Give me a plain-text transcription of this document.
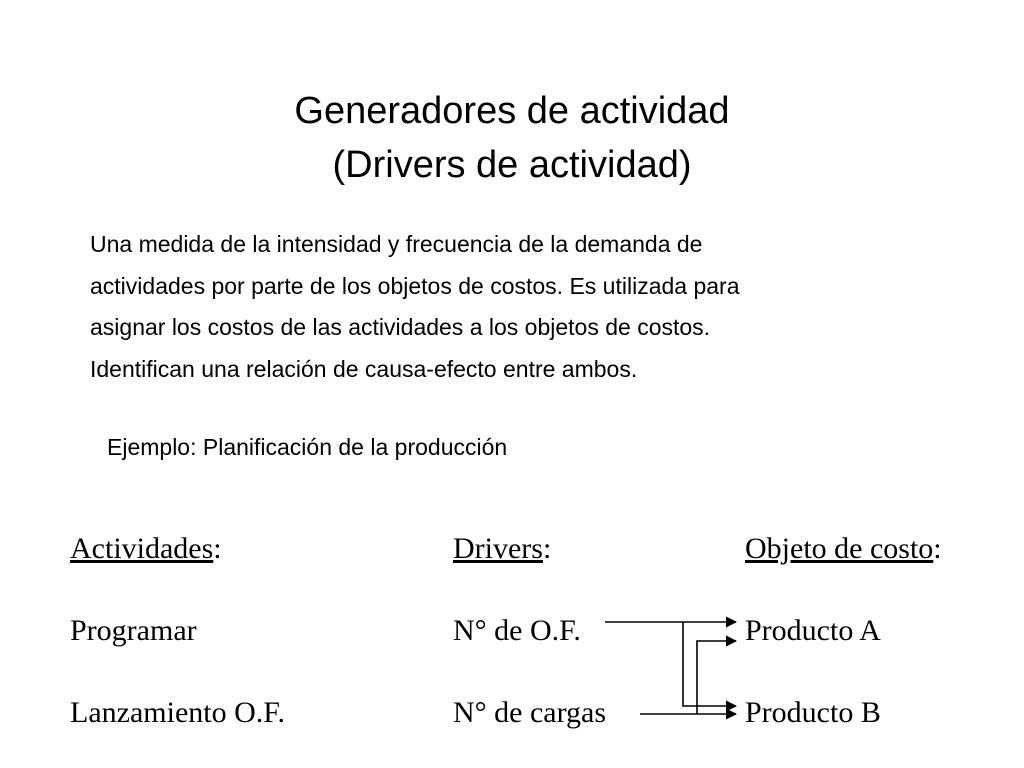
Generadores de actividad
(Drivers de actividad)
Una medida de la intensidad y frecuencia de la demanda de
actividades por parte de los objetos de costos. Es utilizada para
asignar los costos de las actividades a los objetos de costos.
Identifican una relación de causa-efecto entre ambos.
Ejemplo: Planificación de la producción
Actividades:	Drivers:	Objeto de costo:
Programar	N° de O.F.	Producto A
Lanzamiento O.F.	N° de cargas	Producto B
